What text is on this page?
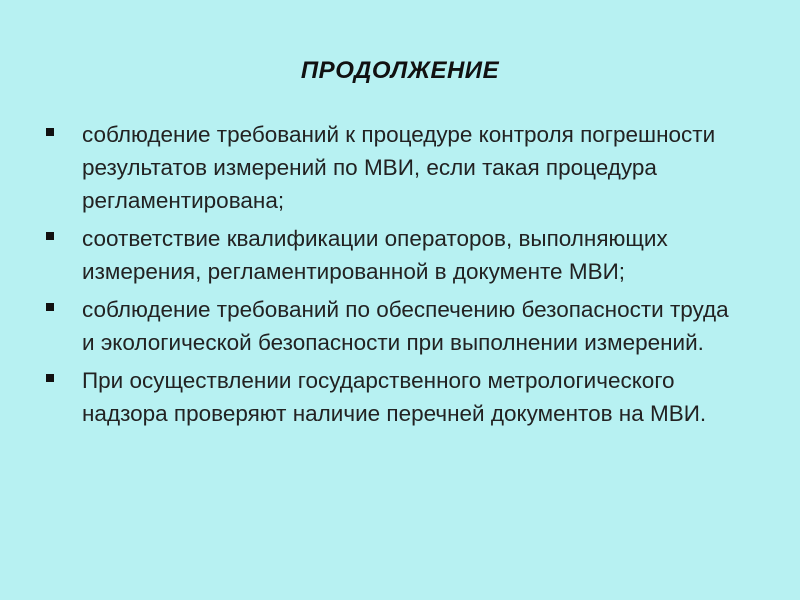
ПРОДОЛЖЕНИЕ
соблюдение требований к процедуре контроля погрешности результатов измерений по МВИ, если такая процедура регламентирована;
соответствие квалификации операторов, выполняющих измерения, регламентированной в документе МВИ;
соблюдение требований по обеспечению безопасности труда и экологической безопасности при выполнении измерений.
При осуществлении государственного метрологического надзора проверяют наличие перечней документов на МВИ.
